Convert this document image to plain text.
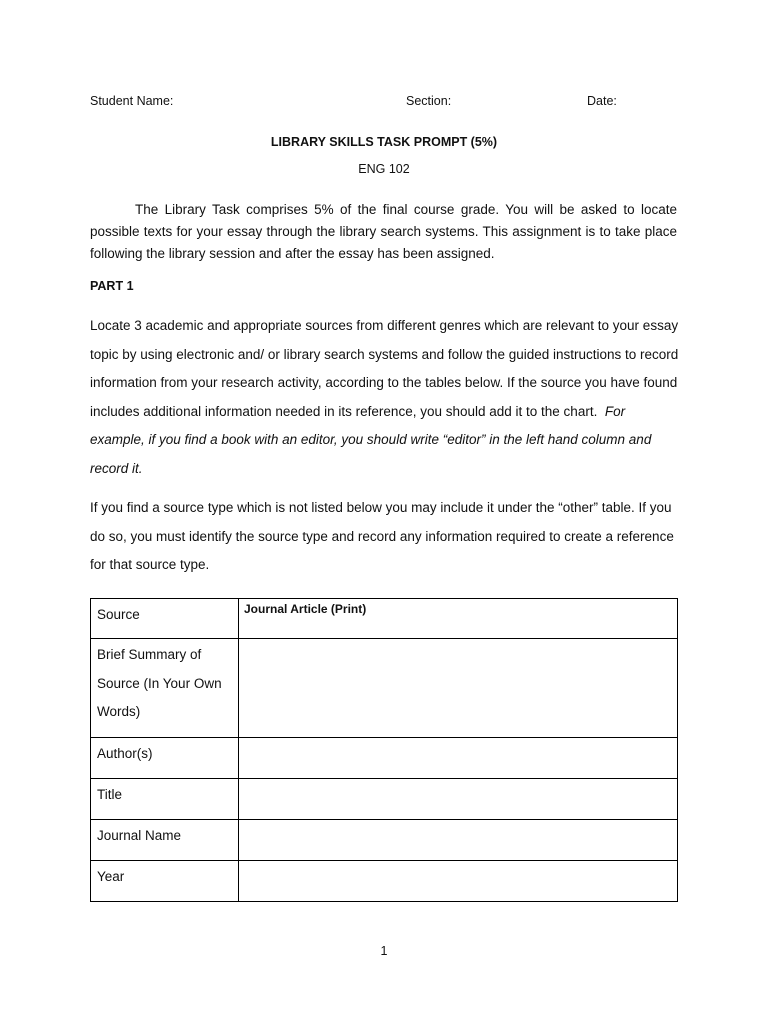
Student Name:	Section:	Date:
LIBRARY SKILLS TASK PROMPT (5%)
ENG 102

The Library Task comprises 5% of the final course grade. You will be asked to locate possible texts for your essay through the library search systems. This assignment is to take place following the library session and after the essay has been assigned.

PART 1

Locate 3 academic and appropriate sources from different genres which are relevant to your essay topic by using electronic and/ or library search systems and follow the guided instructions to record information from your research activity, according to the tables below. If the source you have found includes additional information needed in its reference, you should add it to the chart. For example, if you find a book with an editor, you should write “editor” in the left hand column and record it.

If you find a source type which is not listed below you may include it under the “other” table. If you do so, you must identify the source type and record any information required to create a reference for that source type.

Source	Journal Article (Print)
Brief Summary of Source (In Your Own Words)	
Author(s)	
Title	
Journal Name	
Year	
1
